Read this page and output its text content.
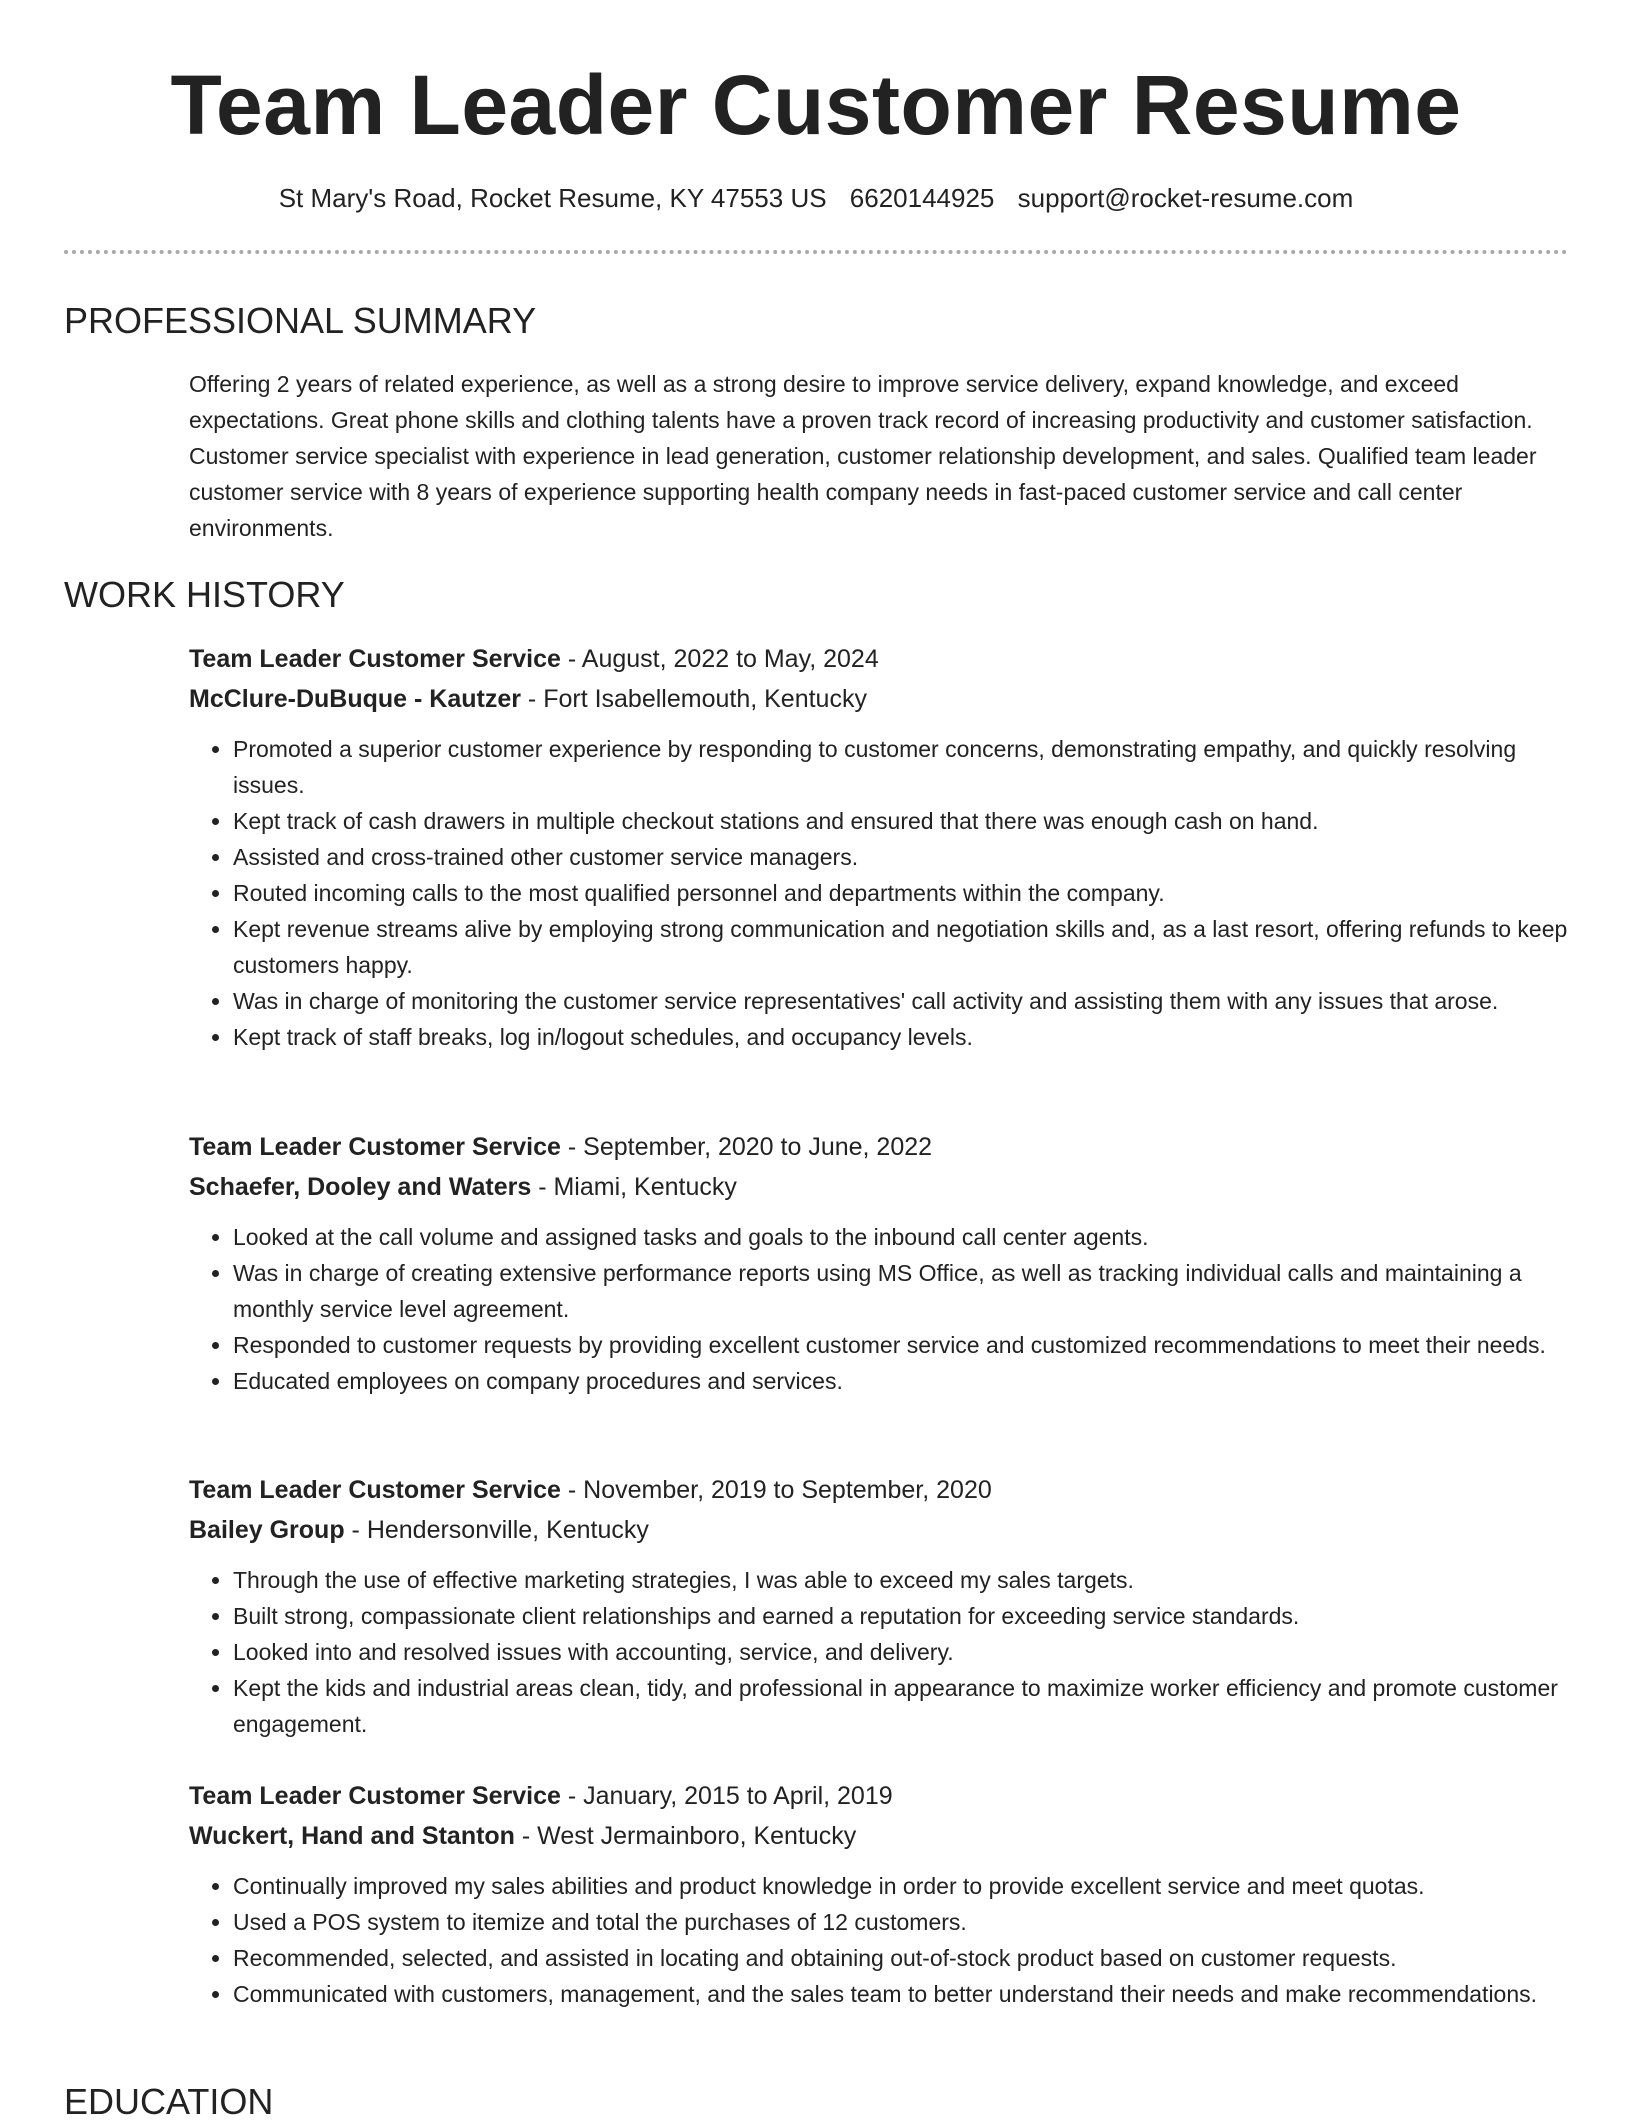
Team Leader Customer Resume
St Mary's Road, Rocket Resume, KY 47553 US 6620144925 support@rocket-resume.com
PROFESSIONAL SUMMARY

Offering 2 years of related experience, as well as a strong desire to improve service delivery, expand knowledge, and exceed expectations. Great phone skills and clothing talents have a proven track record of increasing productivity and customer satisfaction. Customer service specialist with experience in lead generation, customer relationship development, and sales. Qualified team leader customer service with 8 years of experience supporting health company needs in fast-paced customer service and call center environments.

WORK HISTORY
Team Leader Customer Service - August, 2022 to May, 2024
McClure-DuBuque - Kautzer - Fort Isabellemouth, Kentucky
• Promoted a superior customer experience by responding to customer concerns, demonstrating empathy, and quickly resolving issues.
• Kept track of cash drawers in multiple checkout stations and ensured that there was enough cash on hand.
• Assisted and cross-trained other customer service managers.
• Routed incoming calls to the most qualified personnel and departments within the company.
• Kept revenue streams alive by employing strong communication and negotiation skills and, as a last resort, offering refunds to keep customers happy.
• Was in charge of monitoring the customer service representatives' call activity and assisting them with any issues that arose.
• Kept track of staff breaks, log in/logout schedules, and occupancy levels.
Team Leader Customer Service - September, 2020 to June, 2022
Schaefer, Dooley and Waters - Miami, Kentucky
• Looked at the call volume and assigned tasks and goals to the inbound call center agents.
• Was in charge of creating extensive performance reports using MS Office, as well as tracking individual calls and maintaining a monthly service level agreement.
• Responded to customer requests by providing excellent customer service and customized recommendations to meet their needs.
• Educated employees on company procedures and services.
Team Leader Customer Service - November, 2019 to September, 2020
Bailey Group - Hendersonville, Kentucky
• Through the use of effective marketing strategies, I was able to exceed my sales targets.
• Built strong, compassionate client relationships and earned a reputation for exceeding service standards.
• Looked into and resolved issues with accounting, service, and delivery.
• Kept the kids and industrial areas clean, tidy, and professional in appearance to maximize worker efficiency and promote customer engagement.
Team Leader Customer Service - January, 2015 to April, 2019
Wuckert, Hand and Stanton - West Jermainboro, Kentucky
• Continually improved my sales abilities and product knowledge in order to provide excellent service and meet quotas.
• Used a POS system to itemize and total the purchases of 12 customers.
• Recommended, selected, and assisted in locating and obtaining out-of-stock product based on customer requests.
• Communicated with customers, management, and the sales team to better understand their needs and make recommendations.
EDUCATION
